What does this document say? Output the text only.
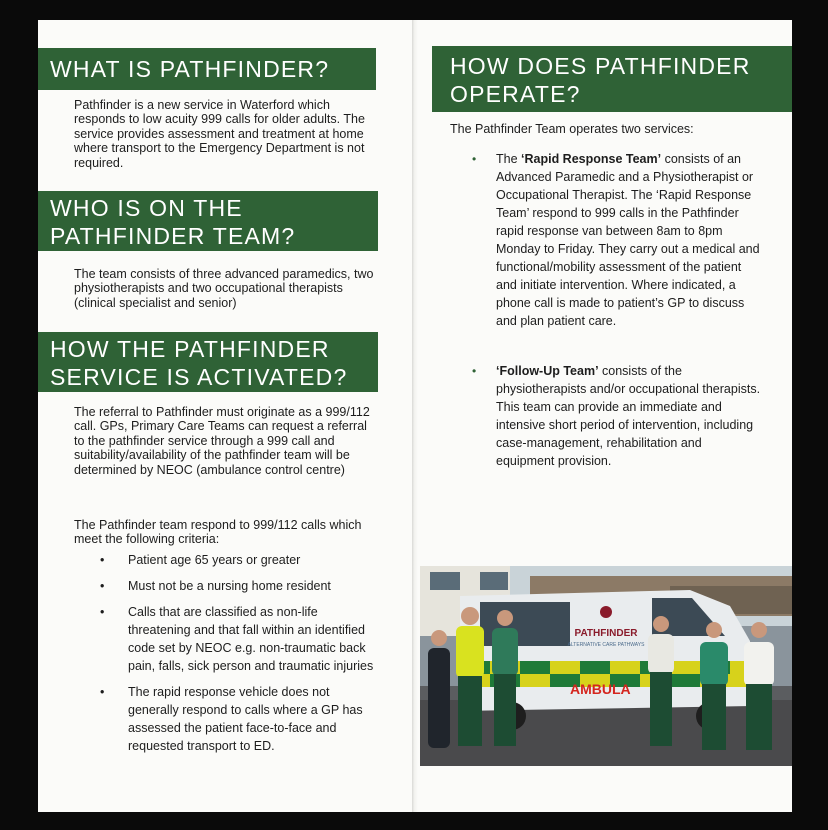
WHAT IS PATHFINDER?
Pathfinder is a new service in Waterford which responds to low acuity 999 calls for older adults. The service provides assessment and treatment at home where transport to the Emergency Department is not required.
WHO IS ON THE
PATHFINDER TEAM?
The team consists of three advanced paramedics, two physiotherapists and two occupational therapists (clinical specialist and senior)
HOW THE PATHFINDER
SERVICE IS ACTIVATED?
The referral to Pathfinder must originate as a 999/112 call. GPs, Primary Care Teams can request a referral to the pathfinder service through a 999 call and suitability/availability of the pathfinder team will be determined by NEOC (ambulance control centre)
The Pathfinder team respond to 999/112 calls which meet the following criteria:
•	Patient age 65 years or greater
•	Must not be a nursing home resident
•	Calls that are classified as non-life threatening and that fall within an identified code set by NEOC e.g. non-traumatic back pain, falls, sick person and traumatic injuries
•	The rapid response vehicle does not generally respond to calls where a GP has assessed the patient face-to-face and requested transport to ED.
HOW DOES PATHFINDER
OPERATE?
The Pathfinder Team operates two services:
• The ‘Rapid Response Team’ consists of an Advanced Paramedic and a Physiotherapist or Occupational Therapist. The ‘Rapid Response Team’ respond to 999 calls in the Pathfinder rapid response van between 8am to 8pm Monday to Friday. They carry out a medical and functional/mobility assessment of the patient and initiate intervention. Where indicated, a phone call is made to patient’s GP to discuss and plan patient care.
• ‘Follow-Up Team’ consists of the physiotherapists and/or occupational therapists. This team can provide an immediate and intensive short period of intervention, including case-management, rehabilitation and equipment provision.
PATHFINDER
ALTERNATIVE CARE PATHWAYS
AMBULA
